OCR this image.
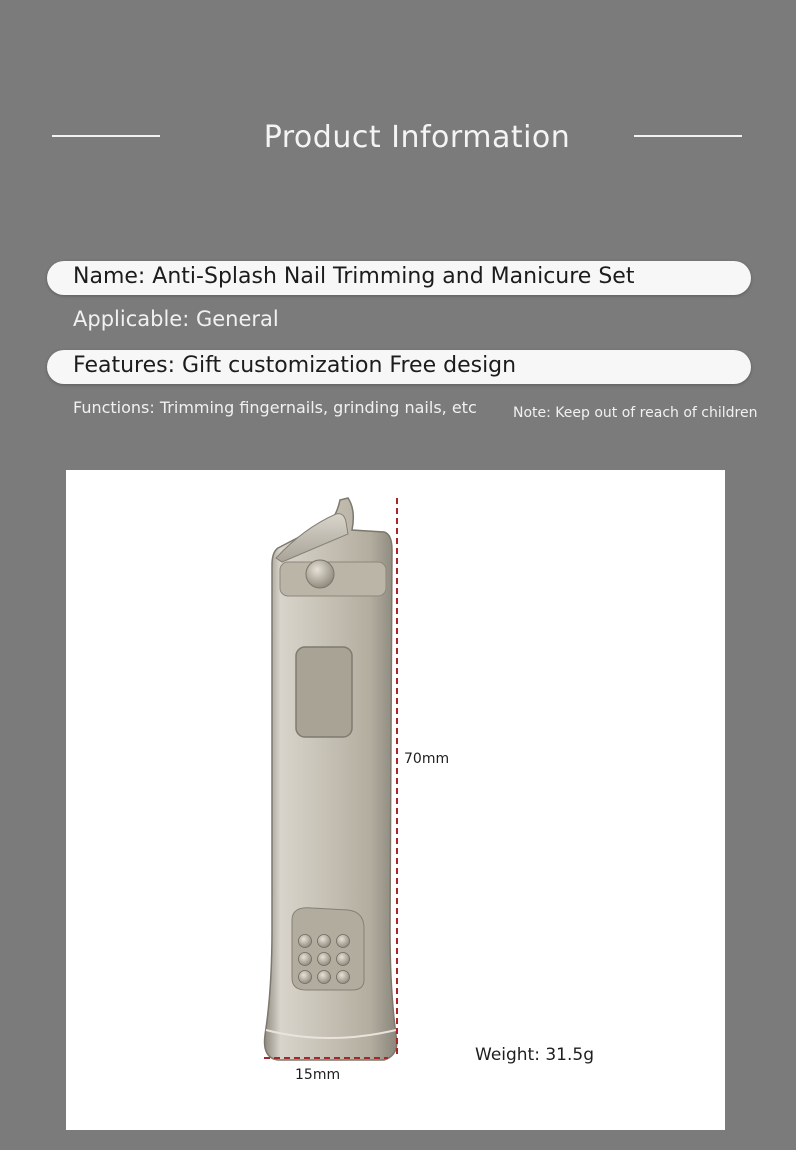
Product Information
Name: Anti-Splash Nail Trimming and Manicure Set
Applicable: General
Features: Gift customization Free design
Functions: Trimming fingernails, grinding nails, etc	Note: Keep out of reach of children
70mm
15mm
Weight: 31.5g
